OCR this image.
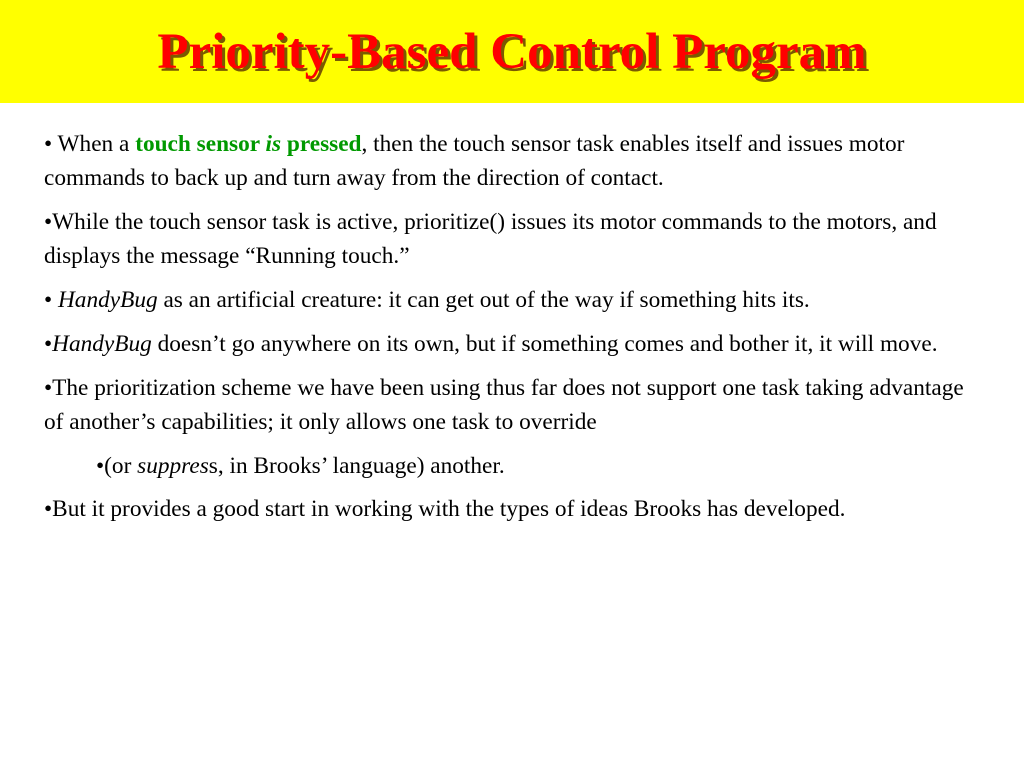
Priority-Based Control Program

• When a touch sensor is pressed, then the touch sensor task enables itself and issues motor commands to back up and turn away from the direction of contact.

•While the touch sensor task is active, prioritize() issues its motor commands to the motors, and displays the message “Running touch.”

• HandyBug as an artificial creature: it can get out of the way if something hits its.

•HandyBug doesn’t go anywhere on its own, but if something comes and bother it, it will move.

•The prioritization scheme we have been using thus far does not support one task taking advantage of another’s capabilities; it only allows one task to override

•(or suppress, in Brooks’ language) another.

•But it provides a good start in working with the types of ideas Brooks has developed.
